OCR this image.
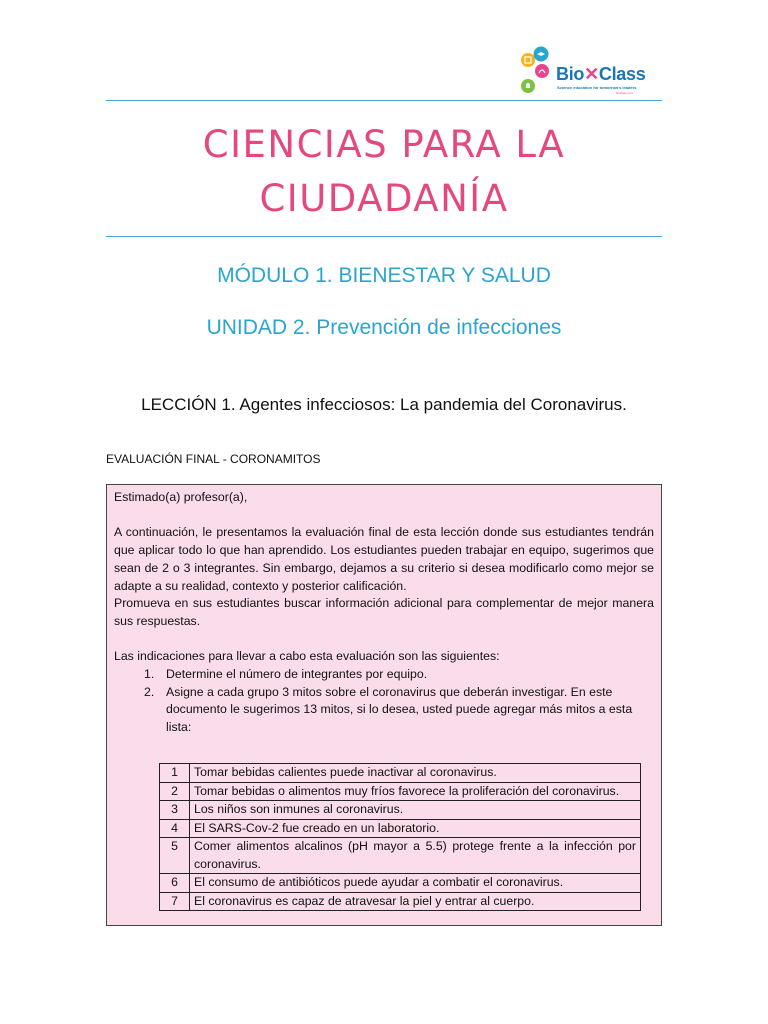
Bio✕Class
Science education for tomorrow's leaders
bioclass.com
CIENCIAS PARA LA
CIUDADANÍA
MÓDULO 1. BIENESTAR Y SALUD
UNIDAD 2. Prevención de infecciones
LECCIÓN 1. Agentes infecciosos: La pandemia del Coronavirus.
EVALUACIÓN FINAL - CORONAMITOS

Estimado(a) profesor(a),

A continuación, le presentamos la evaluación final de esta lección donde sus estudiantes tendrán que aplicar todo lo que han aprendido. Los estudiantes pueden trabajar en equipo, sugerimos que sean de 2 o 3 integrantes. Sin embargo, dejamos a su criterio si desea modificarlo como mejor se adapte a su realidad, contexto y posterior calificación.

Promueva en sus estudiantes buscar información adicional para complementar de mejor manera sus respuestas.

Las indicaciones para llevar a cabo esta evaluación son las siguientes:

1. Determine el número de integrantes por equipo.
2. Asigne a cada grupo 3 mitos sobre el coronavirus que deberán investigar. En este documento le sugerimos 13 mitos, si lo desea, usted puede agregar más mitos a esta lista:
1	Tomar bebidas calientes puede inactivar al coronavirus.
2	Tomar bebidas o alimentos muy fríos favorece la proliferación del coronavirus.
3	Los niños son inmunes al coronavirus.
4	El SARS-Cov-2 fue creado en un laboratorio.
5	Comer alimentos alcalinos (pH mayor a 5.5) protege frente a la infección por coronavirus.
6	El consumo de antibióticos puede ayudar a combatir el coronavirus.
7	El coronavirus es capaz de atravesar la piel y entrar al cuerpo.
